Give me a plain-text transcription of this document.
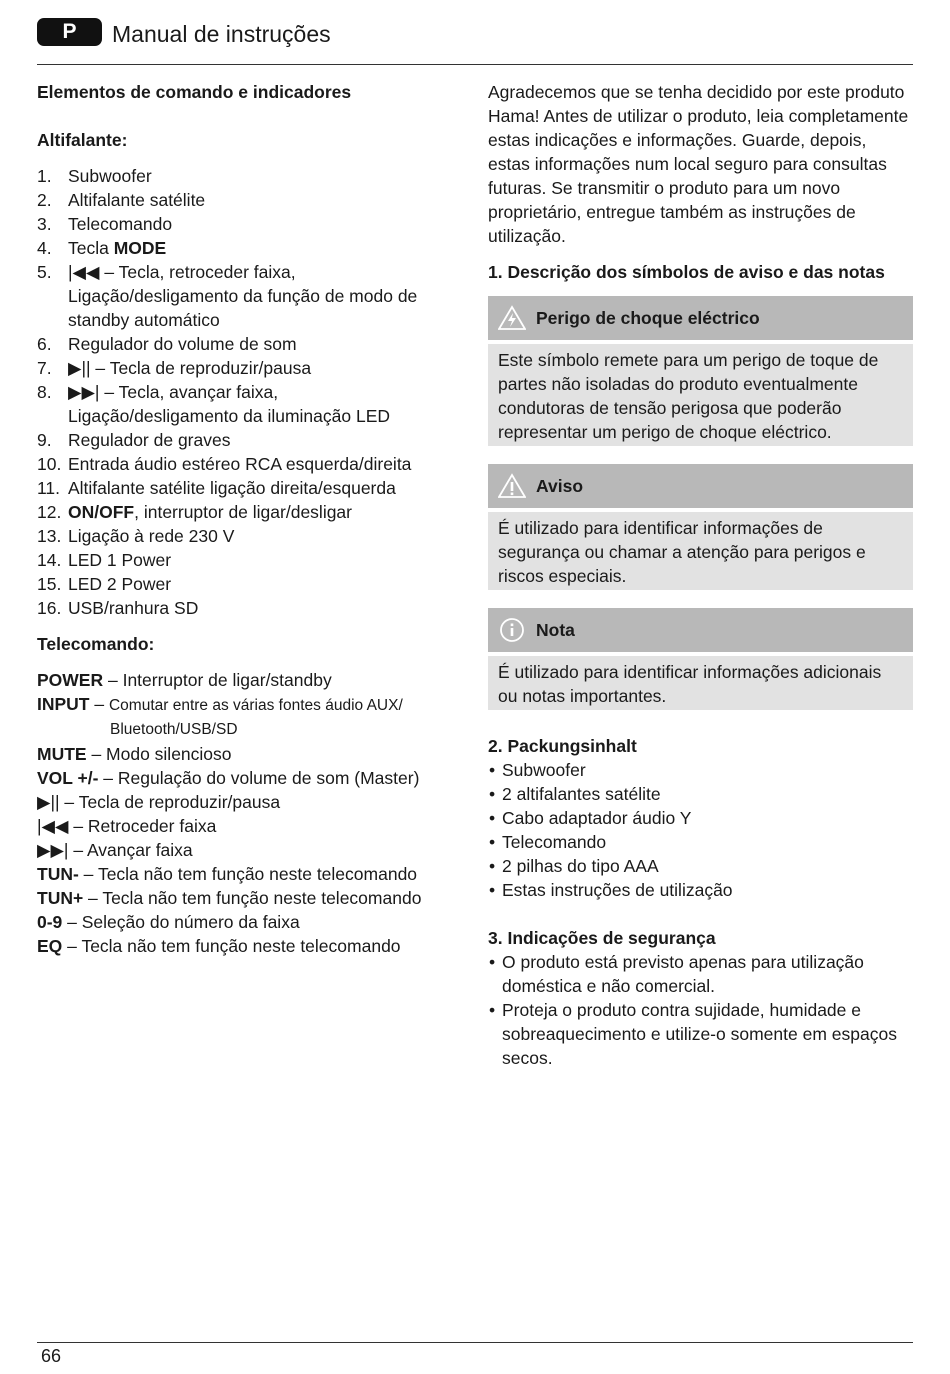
P	Manual de instruções
Elementos de comando e indicadores
Altifalante:
1. Subwoofer
2. Altifalante satélite
3. Telecomando
4. Tecla MODE
5. |◀◀ – Tecla, retroceder faixa, Ligação/desligamento da função de modo de standby automático
6. Regulador do volume de som
7. ▶|| – Tecla de reproduzir/pausa
8. ▶▶| – Tecla, avançar faixa, Ligação/desligamento da iluminação LED
9. Regulador de graves
10. Entrada áudio estéreo RCA esquerda/direita
11. Altifalante satélite ligação direita/esquerda
12. ON/OFF, interruptor de ligar/desligar
13. Ligação à rede 230 V
14. LED 1 Power
15. LED 2 Power
16. USB/ranhura SD
Telecomando:
POWER – Interruptor de ligar/standby
INPUT – Comutar entre as várias fontes áudio AUX/
Bluetooth/USB/SD
MUTE – Modo silencioso
VOL +/- – Regulação do volume de som (Master)
▶|| – Tecla de reproduzir/pausa
|◀◀ – Retroceder faixa
▶▶| – Avançar faixa
TUN- – Tecla não tem função neste telecomando
TUN+ – Tecla não tem função neste telecomando
0-9 – Seleção do número da faixa
EQ – Tecla não tem função neste telecomando
Agradecemos que se tenha decidido por este produto Hama! Antes de utilizar o produto, leia completamente estas indicações e informações. Guarde, depois, estas informações num local seguro para consultas futuras. Se transmitir o produto para um novo proprietário, entregue também as instruções de utilização.
1. Descrição dos símbolos de aviso e das notas
Perigo de choque eléctrico
Este símbolo remete para um perigo de toque de partes não isoladas do produto eventualmente condutoras de tensão perigosa que poderão representar um perigo de choque eléctrico.
Aviso
É utilizado para identificar informações de segurança ou chamar a atenção para perigos e riscos especiais.
Nota
É utilizado para identificar informações adicionais ou notas importantes.
2. Packungsinhalt
• Subwoofer
• 2 altifalantes satélite
• Cabo adaptador áudio Y
• Telecomando
• 2 pilhas do tipo AAA
• Estas instruções de utilização
3. Indicações de segurança
• O produto está previsto apenas para utilização doméstica e não comercial.
• Proteja o produto contra sujidade, humidade e sobreaquecimento e utilize-o somente em espaços secos.
66
